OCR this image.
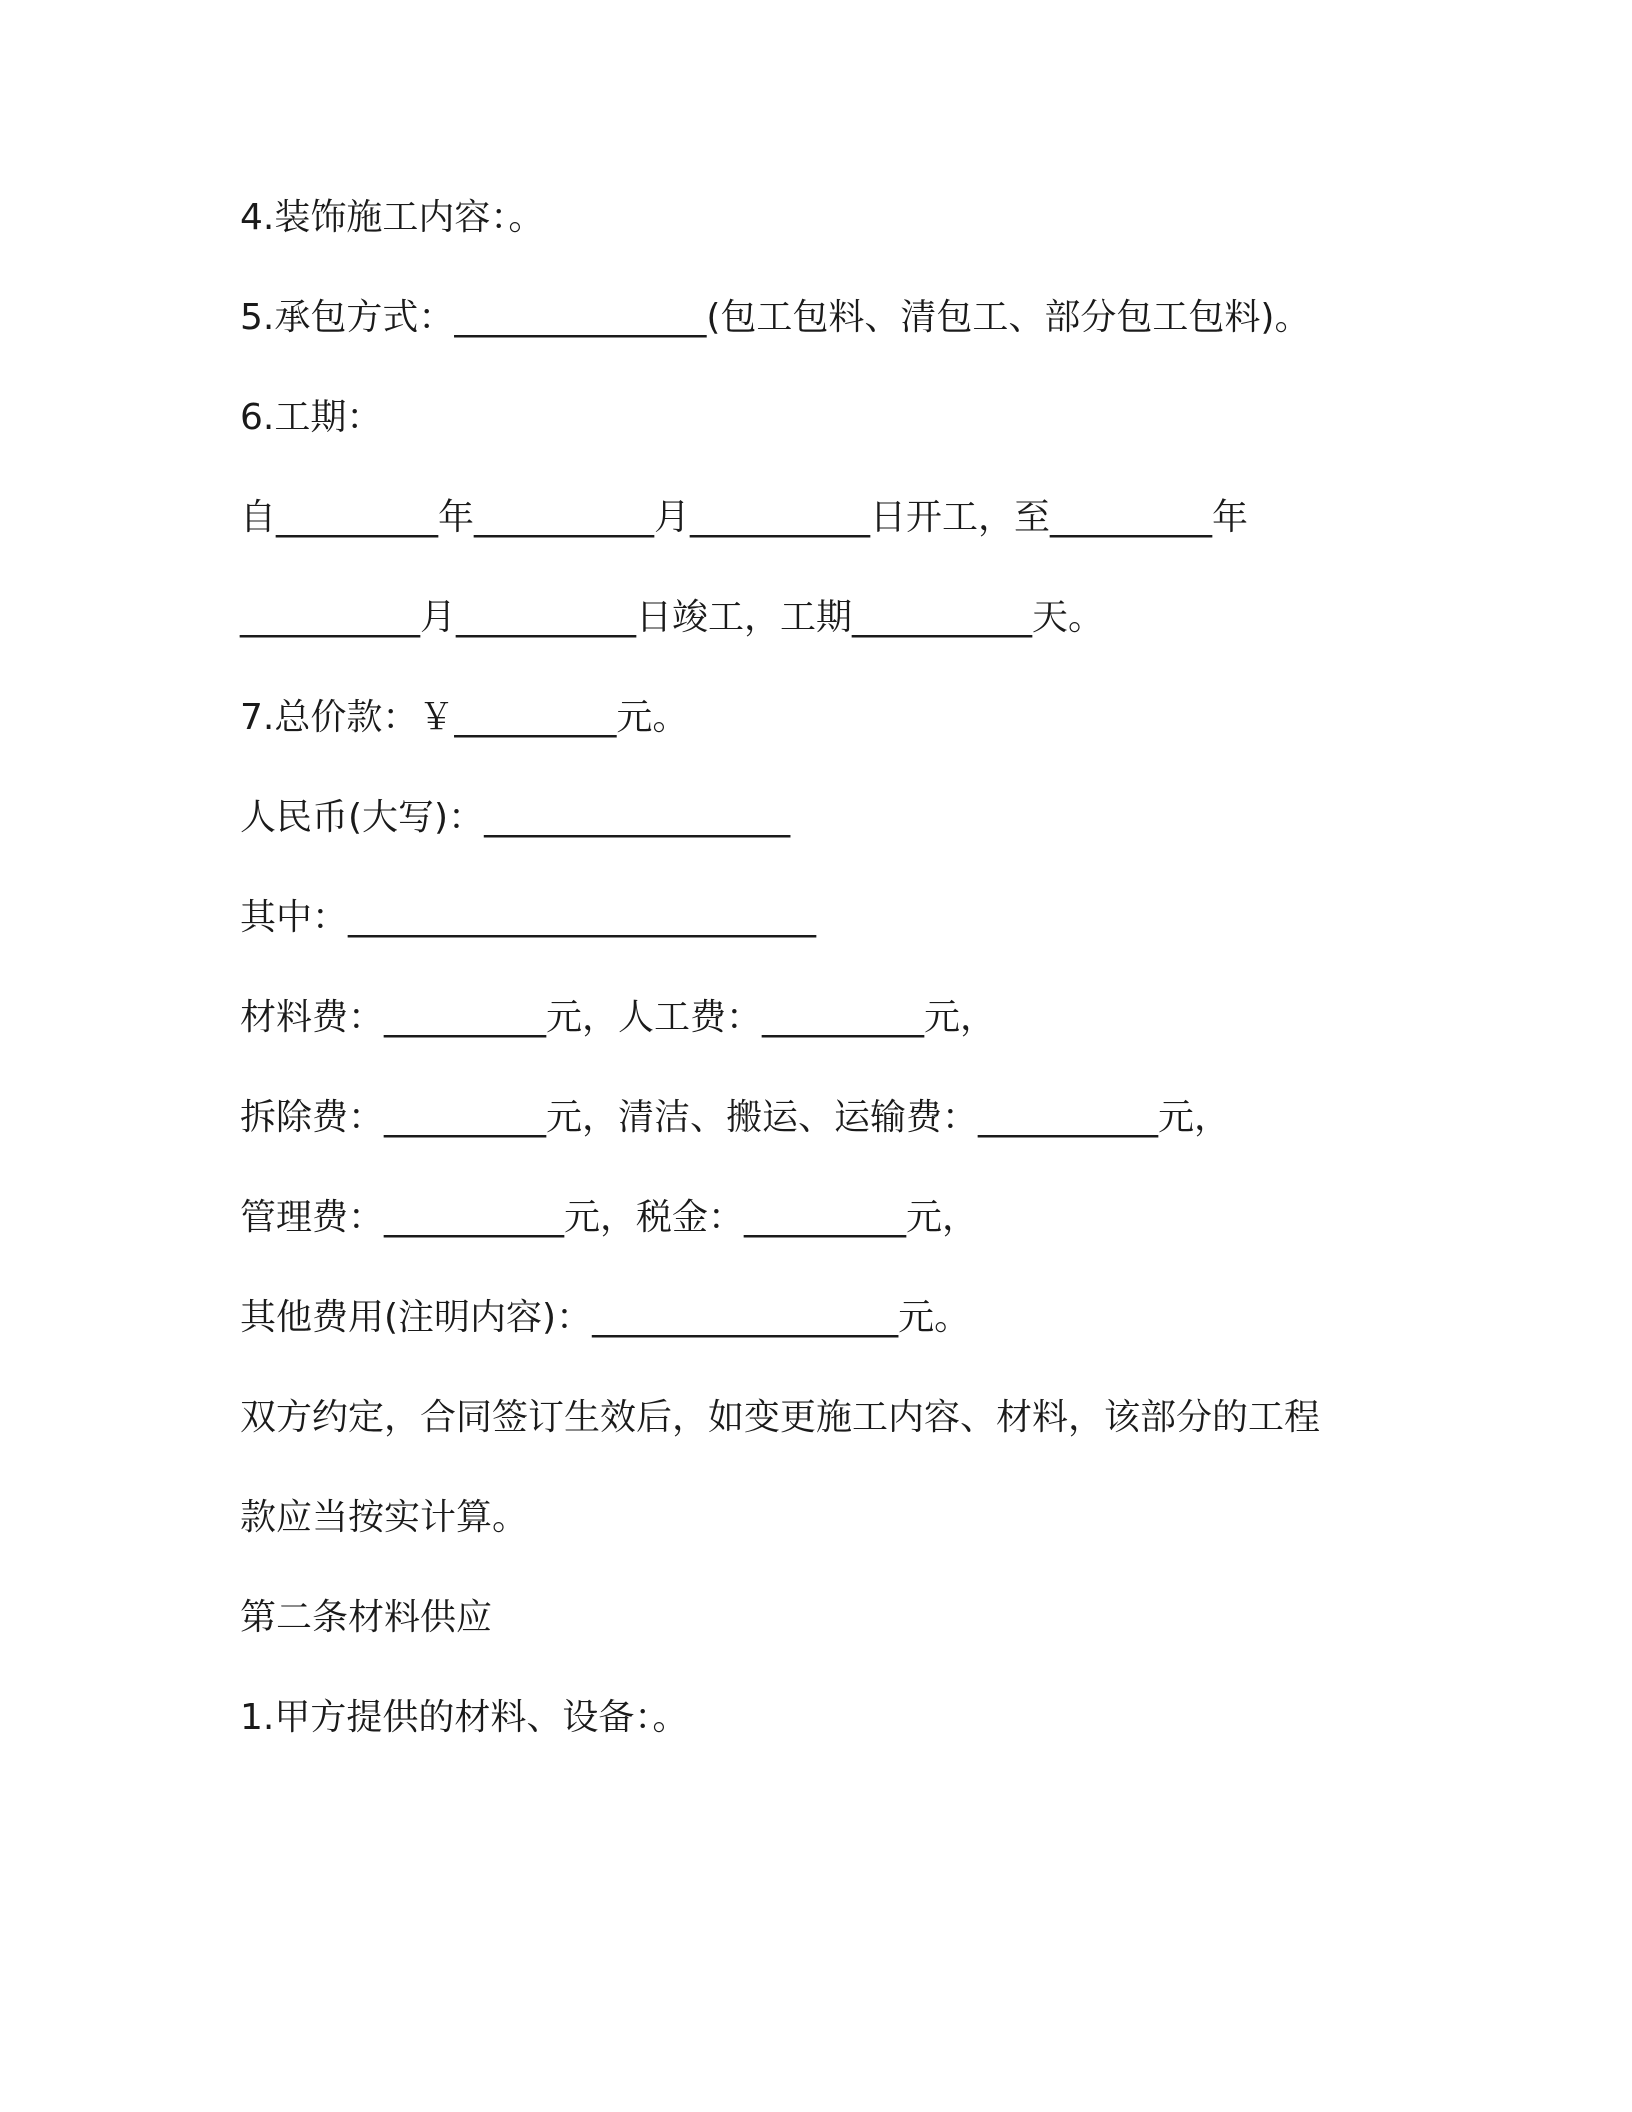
4.装饰施工内容：。

5.承包方式：______________(包工包料、清包工、部分包工包料)。

6.工期：

自_________年__________月__________日开工，至_________年

__________月__________日竣工，工期__________天。

7.总价款：￥_________元。

人民币(大写)：_________________

其中：__________________________

材料费：_________元，人工费：_________元，

拆除费：_________元，清洁、搬运、运输费：__________元，

管理费：__________元，税金：_________元，

其他费用(注明内容)：_________________元。

双方约定，合同签订生效后，如变更施工内容、材料，该部分的工程

款应当按实计算。

第二条材料供应

1.甲方提供的材料、设备：。
